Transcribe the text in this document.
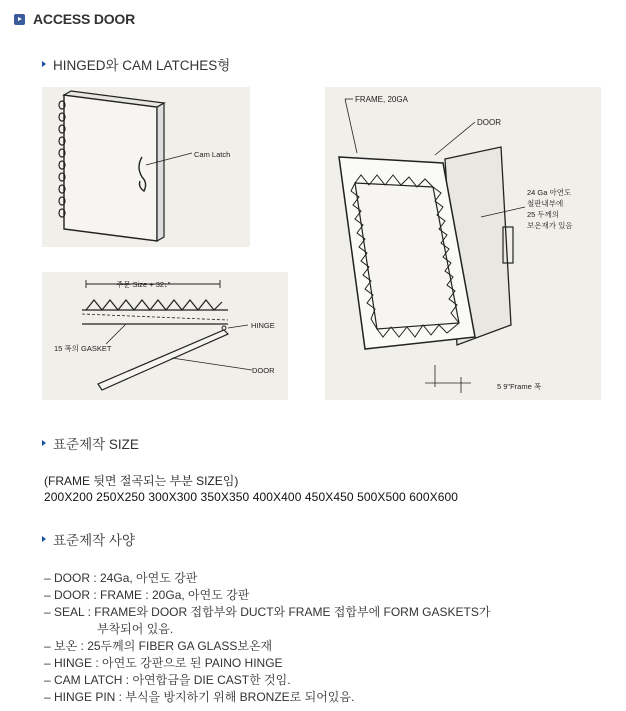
ACCESS DOOR
HINGED와 CAM LATCHES형
Cam Latch
주문 Size + 32↓"
HINGE
15 폭의 GASKET
DOOR
FRAME, 20GA
DOOR
24 Ga 아연도
철판내부에
25 두께의
보온재가 있음
5 9"Frame 폭
표준제작 SIZE
(FRAME 뒷면 절곡되는 부분 SIZE임)
200X200 250X250 300X300 350X350 400X400 450X450 500X500 600X600
표준제작 사양
– DOOR : 24Ga, 아연도 강판
– DOOR : FRAME : 20Ga, 아연도 강판
– SEAL : FRAME와 DOOR 접합부와 DUCT와 FRAME 접합부에 FORM GASKETS가
부착되어 있음.
– 보온 : 25두께의 FIBER GA GLASS보온재
– HINGE : 아연도 강판으로 된 PAINO HINGE
– CAM LATCH : 아연합금을 DIE CAST한 것임.
– HINGE PIN : 부식을 방지하기 위해 BRONZE로 되어있음.
